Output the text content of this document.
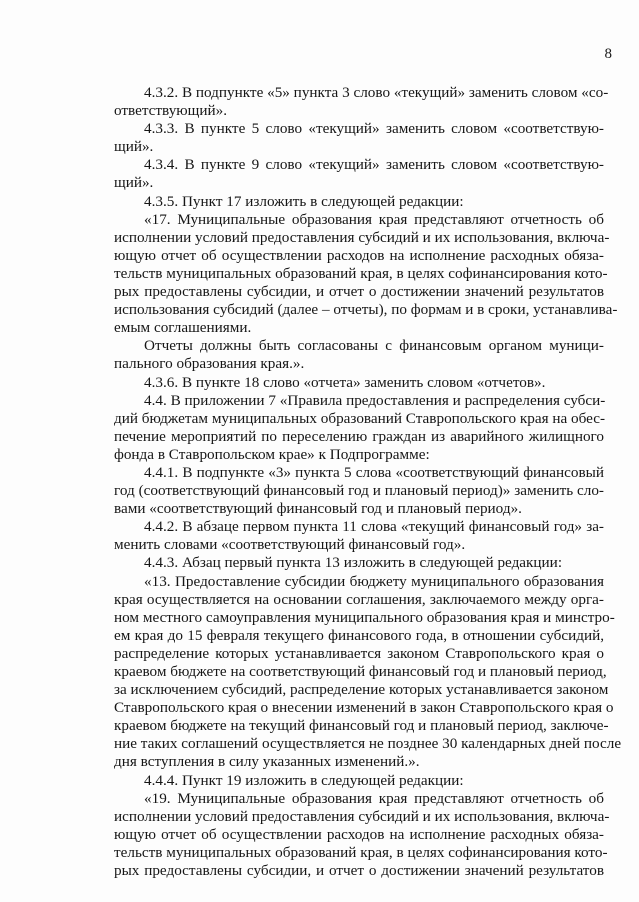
8
4.3.2. В подпункте «5» пункта 3 слово «текущий» заменить словом «со-
ответствующий».
4.3.3. В пункте 5 слово «текущий» заменить словом «соответствую-
щий».
4.3.4. В пункте 9 слово «текущий» заменить словом «соответствую-
щий».
4.3.5. Пункт 17 изложить в следующей редакции:
«17. Муниципальные образования края представляют отчетность об
исполнении условий предоставления субсидий и их использования, включа-
ющую отчет об осуществлении расходов на исполнение расходных обяза-
тельств муниципальных образований края, в целях софинансирования кото-
рых предоставлены субсидии, и отчет о достижении значений результатов
использования субсидий (далее – отчеты), по формам и в сроки, устанавлива-
емым соглашениями.
Отчеты должны быть согласованы с финансовым органом муници-
пального образования края.».
4.3.6. В пункте 18 слово «отчета» заменить словом «отчетов».
4.4. В приложении 7 «Правила предоставления и распределения субси-
дий бюджетам муниципальных образований Ставропольского края на обес-
печение мероприятий по переселению граждан из аварийного жилищного
фонда в Ставропольском крае» к Подпрограмме:
4.4.1. В подпункте «3» пункта 5 слова «соответствующий финансовый
год (соответствующий финансовый год и плановый период)» заменить сло-
вами «соответствующий финансовый год и плановый период».
4.4.2. В абзаце первом пункта 11 слова «текущий финансовый год» за-
менить словами «соответствующий финансовый год».
4.4.3. Абзац первый пункта 13 изложить в следующей редакции:
«13. Предоставление субсидии бюджету муниципального образования
края осуществляется на основании соглашения, заключаемого между орга-
ном местного самоуправления муниципального образования края и минстро-
ем края до 15 февраля текущего финансового года, в отношении субсидий,
распределение которых устанавливается законом Ставропольского края о
краевом бюджете на соответствующий финансовый год и плановый период,
за исключением субсидий, распределение которых устанавливается законом
Ставропольского края о внесении изменений в закон Ставропольского края о
краевом бюджете на текущий финансовый год и плановый период, заключе-
ние таких соглашений осуществляется не позднее 30 календарных дней после
дня вступления в силу указанных изменений.».
4.4.4. Пункт 19 изложить в следующей редакции:
«19. Муниципальные образования края представляют отчетность об
исполнении условий предоставления субсидий и их использования, включа-
ющую отчет об осуществлении расходов на исполнение расходных обяза-
тельств муниципальных образований края, в целях софинансирования кото-
рых предоставлены субсидии, и отчет о достижении значений результатов
